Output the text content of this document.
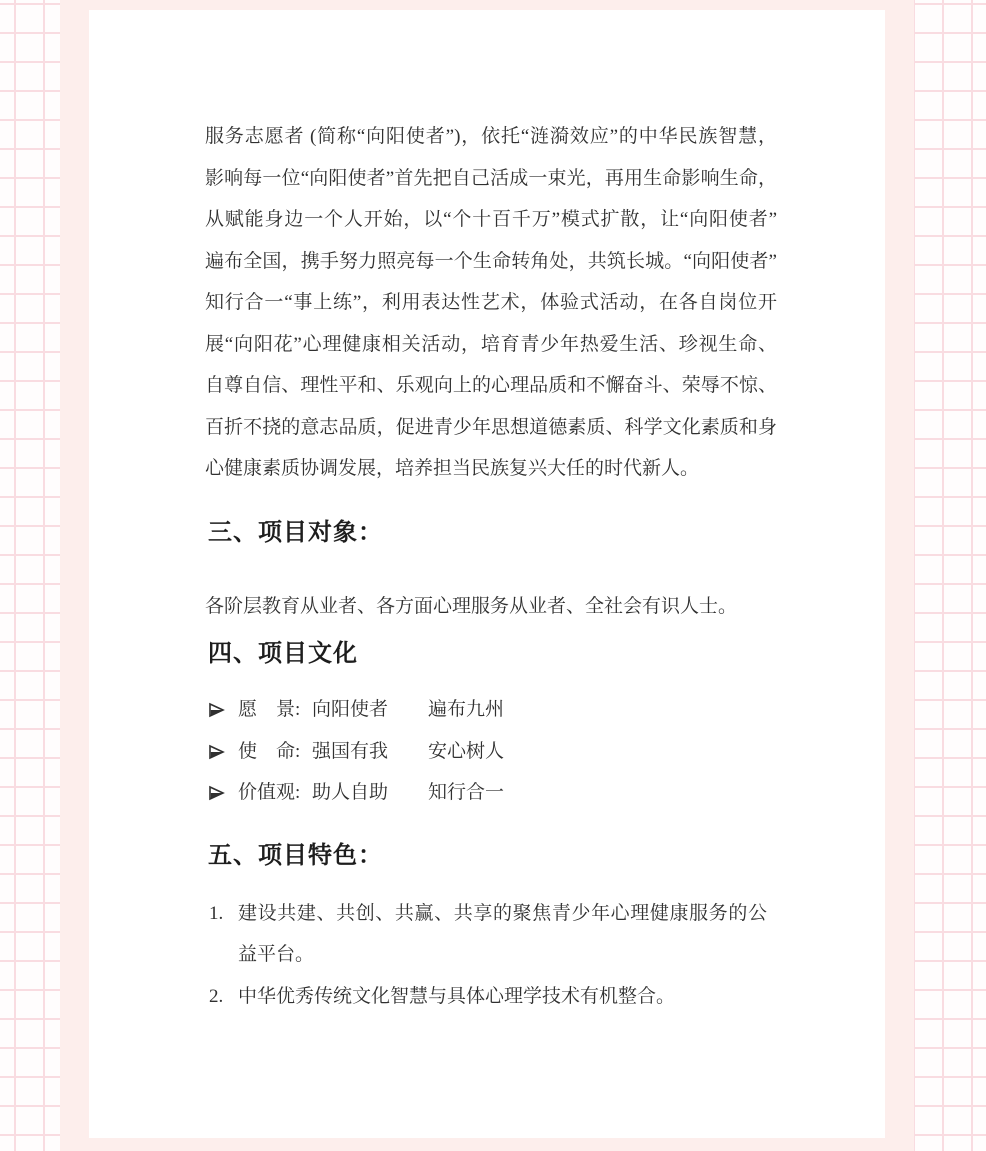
服务志愿者 (简称“向阳使者”)，依托“涟漪效应”的中华民族智慧，
影响每一位“向阳使者”首先把自己活成一束光，再用生命影响生命，
从赋能身边一个人开始，以“个十百千万”模式扩散，让“向阳使者”
遍布全国，携手努力照亮每一个生命转角处，共筑长城。“向阳使者”
知行合一“事上练”，利用表达性艺术，体验式活动，在各自岗位开
展“向阳花”心理健康相关活动，培育青少年热爱生活、珍视生命、
自尊自信、理性平和、乐观向上的心理品质和不懈奋斗、荣辱不惊、
百折不挠的意志品质，促进青少年思想道德素质、科学文化素质和身
心健康素质协调发展，培养担当民族复兴大任的时代新人。
三、项目对象：

各阶层教育从业者、各方面心理服务从业者、全社会有识人士。

四、项目文化
愿　景: 向阳使者 遍布九州
使　命: 强国有我 安心树人
价值观: 助人自助 知行合一
五、项目特色：
1. 建设共建、共创、共赢、共享的聚焦青少年心理健康服务的公益平台。
2. 中华优秀传统文化智慧与具体心理学技术有机整合。
